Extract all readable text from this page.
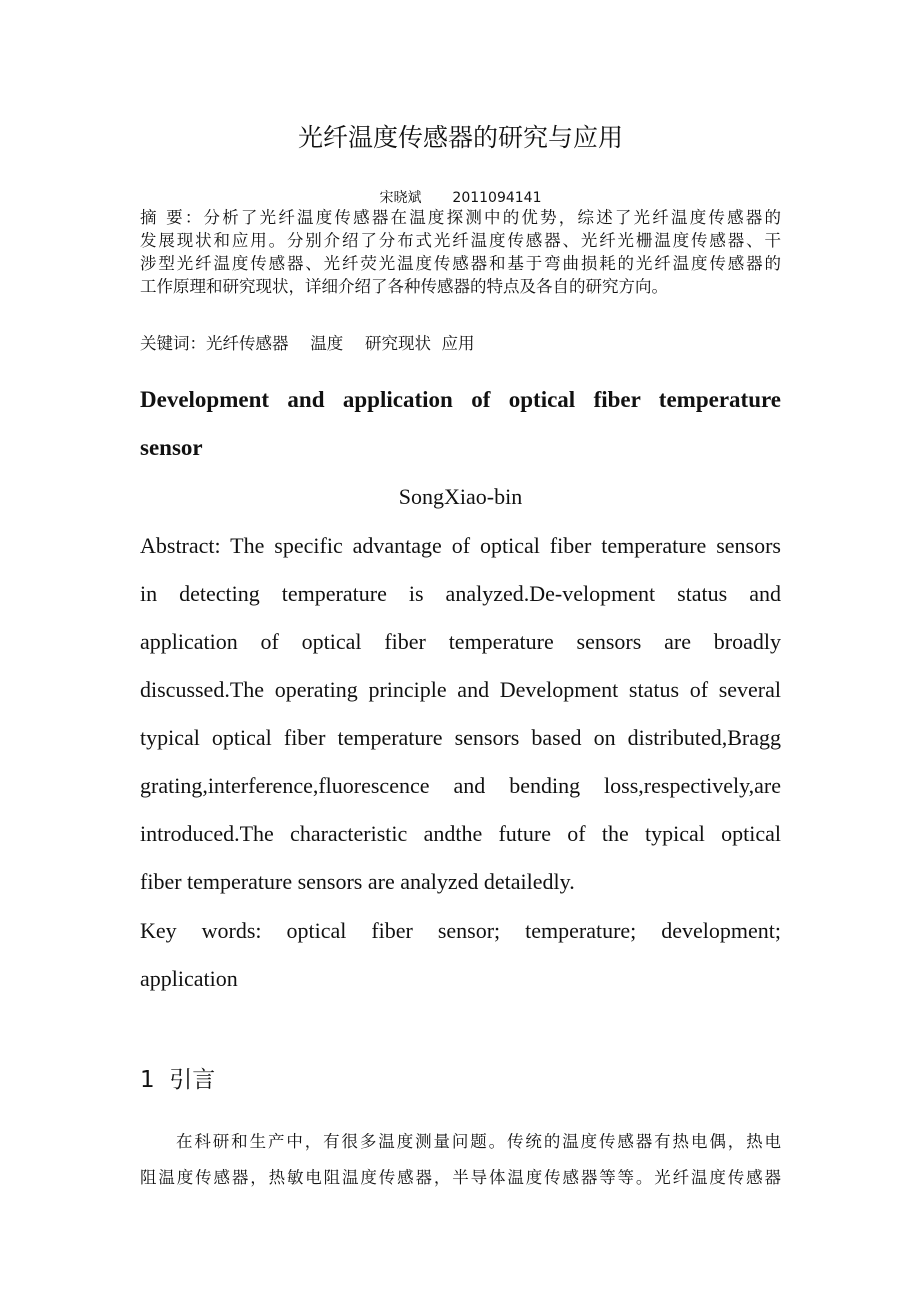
光纤温度传感器的研究与应用
宋晓斌 2011094141
摘 要：分析了光纤温度传感器在温度探测中的优势，综述了光纤温度传感器的
发展现状和应用。分别介绍了分布式光纤温度传感器、光纤光栅温度传感器、干
涉型光纤温度传感器、光纤荧光温度传感器和基于弯曲损耗的光纤温度传感器的
工作原理和研究现状，详细介绍了各种传感器的特点及各自的研究方向。
关键词：光纤传感器　 温度　 研究现状  应用
Development and application of optical fiber temperature
sensor
SongXiao-bin
Abstract: The specific advantage of optical fiber temperature sensors
in detecting temperature is analyzed.De-velopment status and
application of optical fiber temperature sensors are broadly
discussed.The operating principle and Development status of several
typical optical fiber temperature sensors based on distributed,Bragg
grating,interference,fluorescence and bending loss,respectively,are
introduced.The characteristic andthe future of the typical optical
fiber temperature sensors are analyzed detailedly.
Key words: optical fiber sensor; temperature; development;
application
1  引言
在科研和生产中，有很多温度测量问题。传统的温度传感器有热电偶，热电
阻温度传感器，热敏电阻温度传感器，半导体温度传感器等等。光纤温度传感器
